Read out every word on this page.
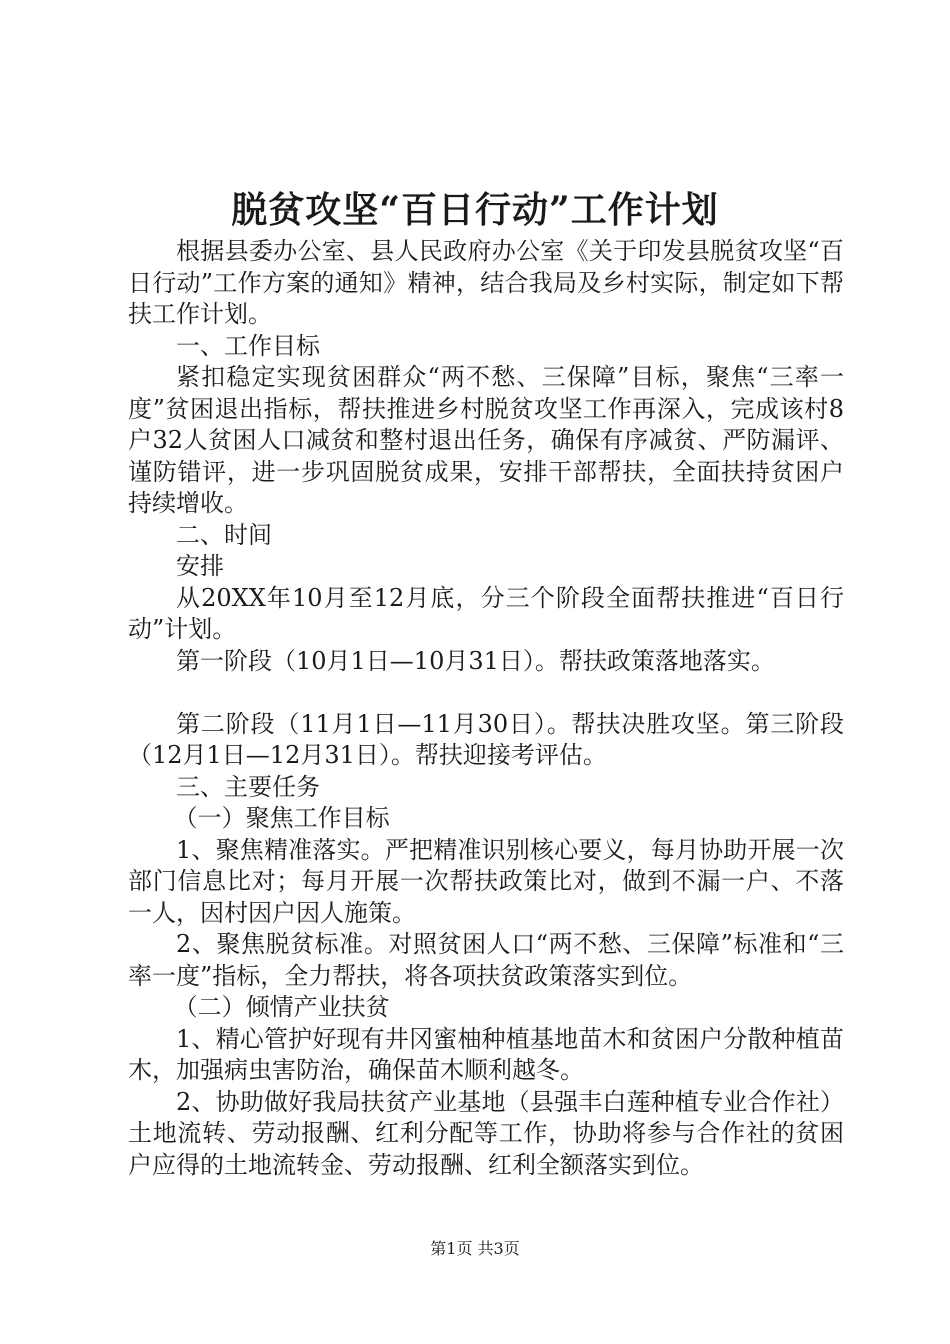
脱贫攻坚“百日行动”工作计划

根据县委办公室、县人民政府办公室《关于印发县脱贫攻坚“百日行动”工作方案的通知》精神，结合我局及乡村实际，制定如下帮扶工作计划。

一、工作目标

紧扣稳定实现贫困群众“两不愁、三保障”目标，聚焦“三率一度”贫困退出指标，帮扶推进乡村脱贫攻坚工作再深入，完成该村8户32人贫困人口减贫和整村退出任务，确保有序减贫、严防漏评、谨防错评，进一步巩固脱贫成果，安排干部帮扶，全面扶持贫困户持续增收。

二、时间

安排

从20XX年10月至12月底，分三个阶段全面帮扶推进“百日行动”计划。

第一阶段（10月1日—10月31日）。帮扶政策落地落实。

第二阶段（11月1日—11月30日）。帮扶决胜攻坚。第三阶段（12月1日—12月31日）。帮扶迎接考评估。

三、主要任务

（一）聚焦工作目标

1、聚焦精准落实。严把精准识别核心要义，每月协助开展一次部门信息比对；每月开展一次帮扶政策比对，做到不漏一户、不落一人，因村因户因人施策。

2、聚焦脱贫标准。对照贫困人口“两不愁、三保障”标准和“三率一度”指标，全力帮扶，将各项扶贫政策落实到位。

（二）倾情产业扶贫

1、精心管护好现有井冈蜜柚种植基地苗木和贫困户分散种植苗木，加强病虫害防治，确保苗木顺利越冬。

2、协助做好我局扶贫产业基地（县强丰白莲种植专业合作社）土地流转、劳动报酬、红利分配等工作，协助将参与合作社的贫困户应得的土地流转金、劳动报酬、红利全额落实到位。

第1页 共3页
